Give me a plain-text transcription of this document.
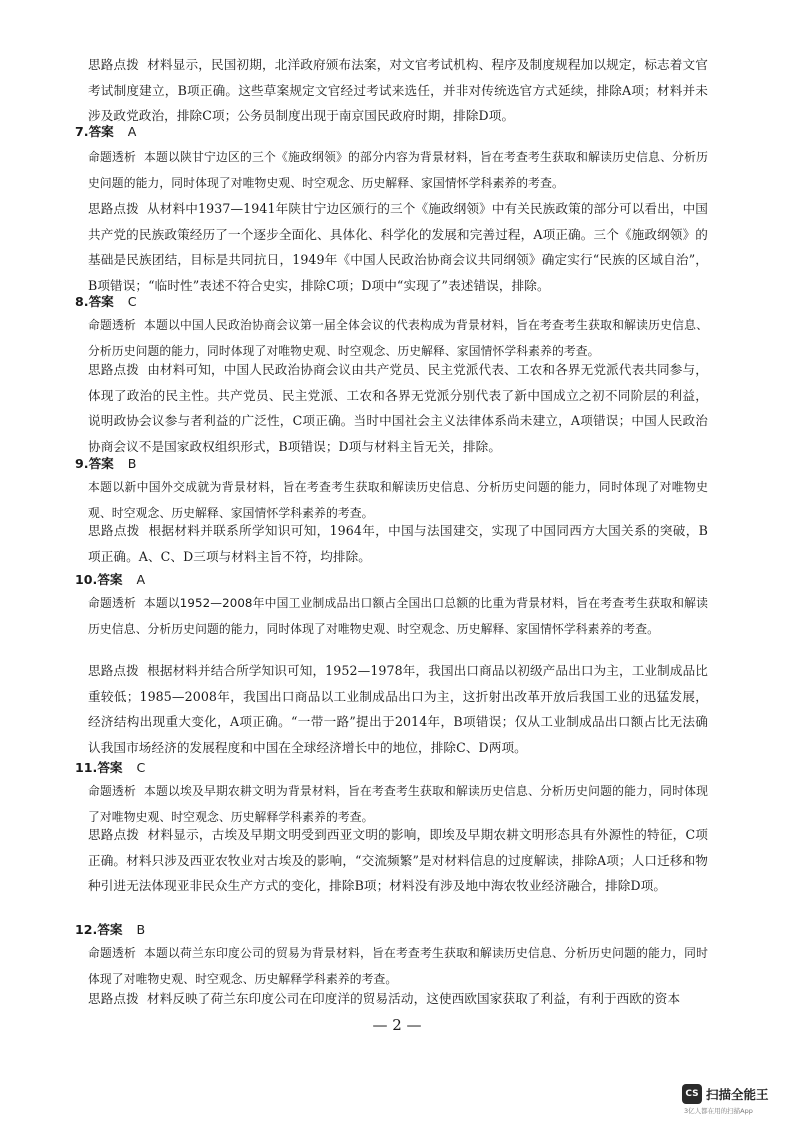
思路点拨 材料显示，民国初期，北洋政府颁布法案，对文官考试机构、程序及制度规程加以规定，标志着文官考试制度建立，B项正确。这些草案规定文官经过考试来选任，并非对传统选官方式延续，排除A项；材料并未涉及政党政治，排除C项；公务员制度出现于南京国民政府时期，排除D项。

7.答案 A

命题透析 本题以陕甘宁边区的三个《施政纲领》的部分内容为背景材料，旨在考查考生获取和解读历史信息、分析历史问题的能力，同时体现了对唯物史观、时空观念、历史解释、家国情怀学科素养的考查。

思路点拨 从材料中1937—1941年陕甘宁边区颁行的三个《施政纲领》中有关民族政策的部分可以看出，中国共产党的民族政策经历了一个逐步全面化、具体化、科学化的发展和完善过程，A项正确。三个《施政纲领》的基础是民族团结，目标是共同抗日，1949年《中国人民政治协商会议共同纲领》确定实行“民族的区域自治”，B项错误；“临时性”表述不符合史实，排除C项；D项中“实现了”表述错误，排除。

8.答案 C

命题透析 本题以中国人民政治协商会议第一届全体会议的代表构成为背景材料，旨在考查考生获取和解读历史信息、分析历史问题的能力，同时体现了对唯物史观、时空观念、历史解释、家国情怀学科素养的考查。

思路点拨 由材料可知，中国人民政治协商会议由共产党员、民主党派代表、工农和各界无党派代表共同参与，体现了政治的民主性。共产党员、民主党派、工农和各界无党派分别代表了新中国成立之初不同阶层的利益，说明政协会议参与者利益的广泛性，C项正确。当时中国社会主义法律体系尚未建立，A项错误；中国人民政治协商会议不是国家政权组织形式，B项错误；D项与材料主旨无关，排除。

9.答案 B

本题以新中国外交成就为背景材料，旨在考查考生获取和解读历史信息、分析历史问题的能力，同时体现了对唯物史观、时空观念、历史解释、家国情怀学科素养的考查。

思路点拨 根据材料并联系所学知识可知，1964年，中国与法国建交，实现了中国同西方大国关系的突破，B项正确。A、C、D三项与材料主旨不符，均排除。

10.答案 A

命题透析 本题以1952—2008年中国工业制成品出口额占全国出口总额的比重为背景材料，旨在考查考生获取和解读历史信息、分析历史问题的能力，同时体现了对唯物史观、时空观念、历史解释、家国情怀学科素养的考查。

思路点拨 根据材料并结合所学知识可知，1952—1978年，我国出口商品以初级产品出口为主，工业制成品比重较低；1985—2008年，我国出口商品以工业制成品出口为主，这折射出改革开放后我国工业的迅猛发展，经济结构出现重大变化，A项正确。“一带一路”提出于2014年，B项错误；仅从工业制成品出口额占比无法确认我国市场经济的发展程度和中国在全球经济增长中的地位，排除C、D两项。

11.答案 C

命题透析 本题以埃及早期农耕文明为背景材料，旨在考查考生获取和解读历史信息、分析历史问题的能力，同时体现了对唯物史观、时空观念、历史解释学科素养的考查。

思路点拨 材料显示，古埃及早期文明受到西亚文明的影响，即埃及早期农耕文明形态具有外源性的特征，C项正确。材料只涉及西亚农牧业对古埃及的影响，“交流频繁”是对材料信息的过度解读，排除A项；人口迁移和物种引进无法体现亚非民众生产方式的变化，排除B项；材料没有涉及地中海农牧业经济融合，排除D项。

12.答案 B

命题透析 本题以荷兰东印度公司的贸易为背景材料，旨在考查考生获取和解读历史信息、分析历史问题的能力，同时体现了对唯物史观、时空观念、历史解释学科素养的考查。

思路点拨 材料反映了荷兰东印度公司在印度洋的贸易活动，这使西欧国家获取了利益，有利于西欧的资本

— 2 —
CS 扫描全能王
3亿人都在用的扫描App
